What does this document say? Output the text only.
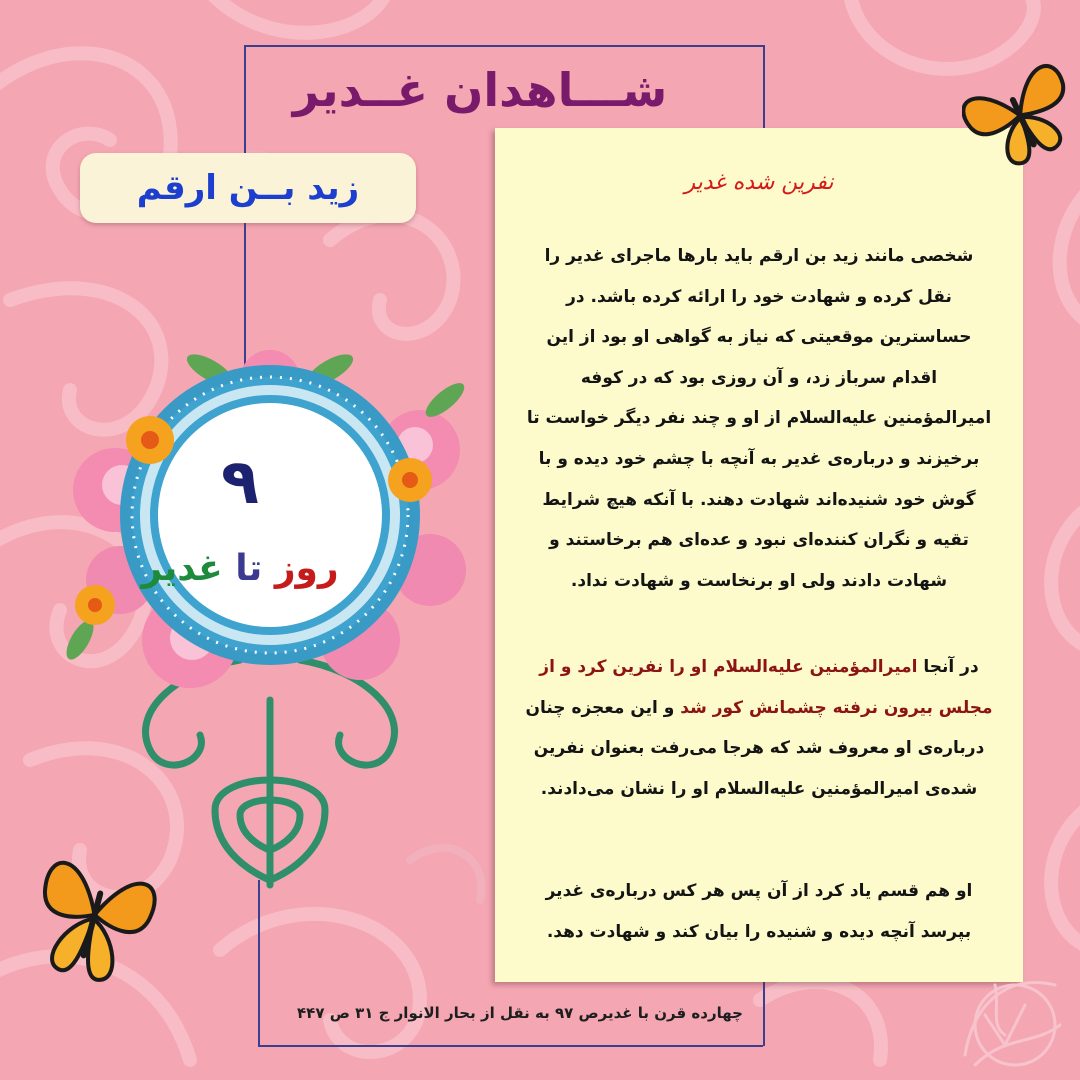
شـــاهدان غــدیر
زید بــن ارقم
۹
روز تا غدیر
نفرین شده غدیر

شخصی مانند زید بن ارقم باید بارها ماجرای غدیر را نقل کرده و شهادت خود را ارائه کرده باشد. در حساسترین موقعیتی که نیاز به گواهی او بود از این اقدام سرباز زد، و آن روزی بود که در کوفه امیرالمؤمنین علیه‌السلام از او و چند نفر دیگر خواست تا برخیزند و درباره‌ی غدیر به آنچه با چشم خود دیده و با گوش خود شنیده‌اند شهادت دهند. با آنکه هیچ شرایط تقیه و نگران کننده‌ای نبود و عده‌ای هم برخاستند و شهادت دادند ولی او برنخاست و شهادت نداد.

در آنجا امیرالمؤمنین علیه‌السلام او را نفرین کرد و از مجلس بیرون نرفته چشمانش کور شد و این معجزه چنان درباره‌ی او معروف شد که هرجا می‌رفت بعنوان نفرین شده‌ی امیرالمؤمنین علیه‌السلام او را نشان می‌دادند.

او هم قسم یاد کرد از آن پس هر کس درباره‌ی غدیر بپرسد آنچه دیده و شنیده را بیان کند و شهادت دهد.

چهارده قرن با غدیرص ۹۷ به نقل از بحار الانوار ج ۳۱ ص ۴۴۷
